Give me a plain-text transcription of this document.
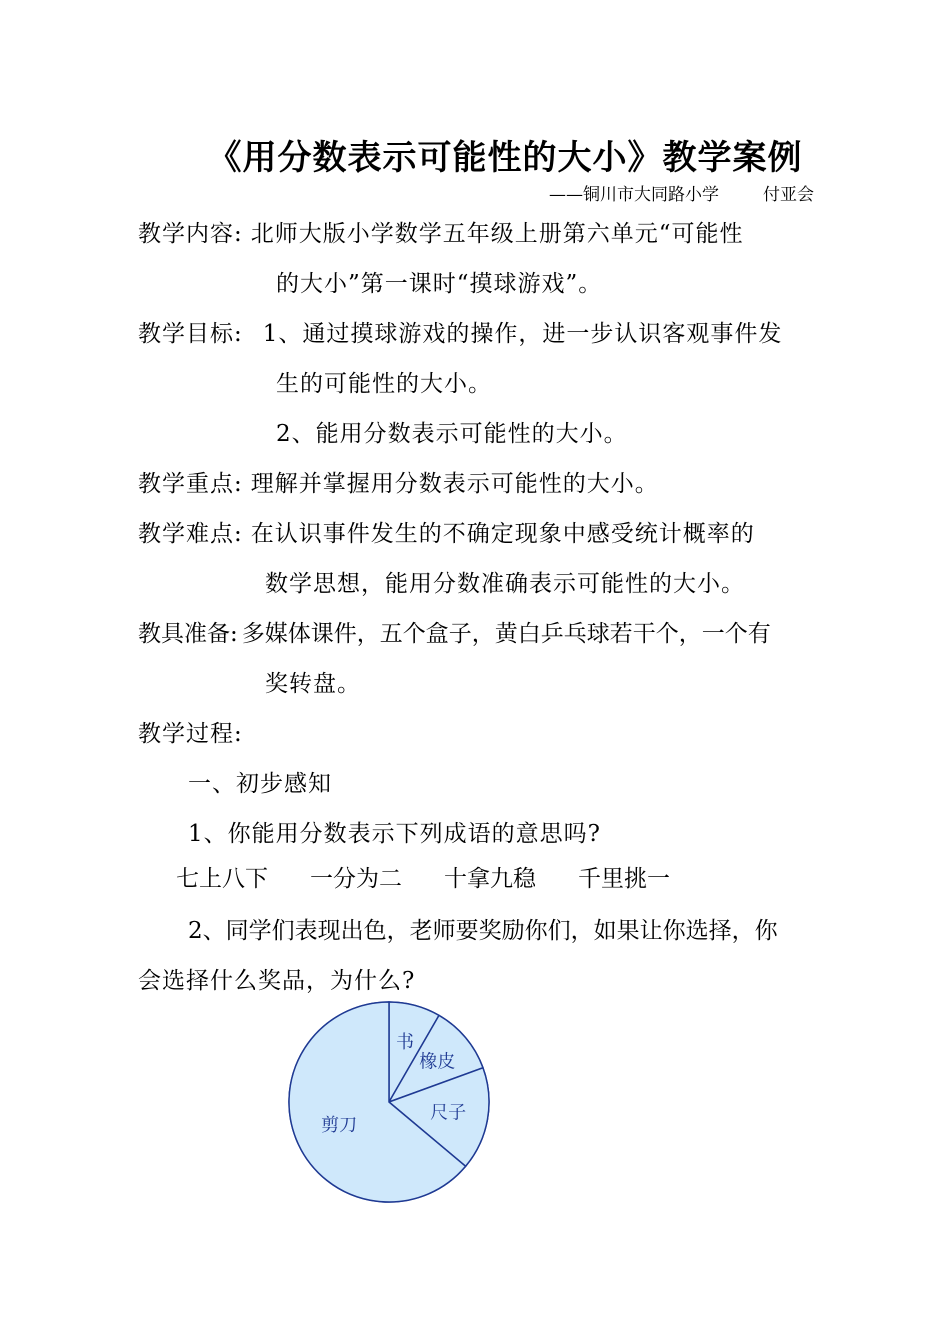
《用分数表示可能性的大小》教学案例
——铜川市大同路小学	付亚会
教学内容: 北师大版小学数学五年级上册第六单元“可能性
的大小”第一课时“摸球游戏”。
教学目标: 1、通过摸球游戏的操作，进一步认识客观事件发
生的可能性的大小。
2、能用分数表示可能性的大小。
教学重点: 理解并掌握用分数表示可能性的大小。
教学难点: 在认识事件发生的不确定现象中感受统计概率的
数学思想，能用分数准确表示可能性的大小。
教具准备: 多媒体课件，五个盒子，黄白乒乓球若干个，一个有
奖转盘。
教学过程:
一、初步感知
1、你能用分数表示下列成语的意思吗?
七上八下 一分为二 十拿九稳 千里挑一
2、同学们表现出色，老师要奖励你们，如果让你选择，你
会选择什么奖品，为什么?
书
橡皮
尺子
剪刀
